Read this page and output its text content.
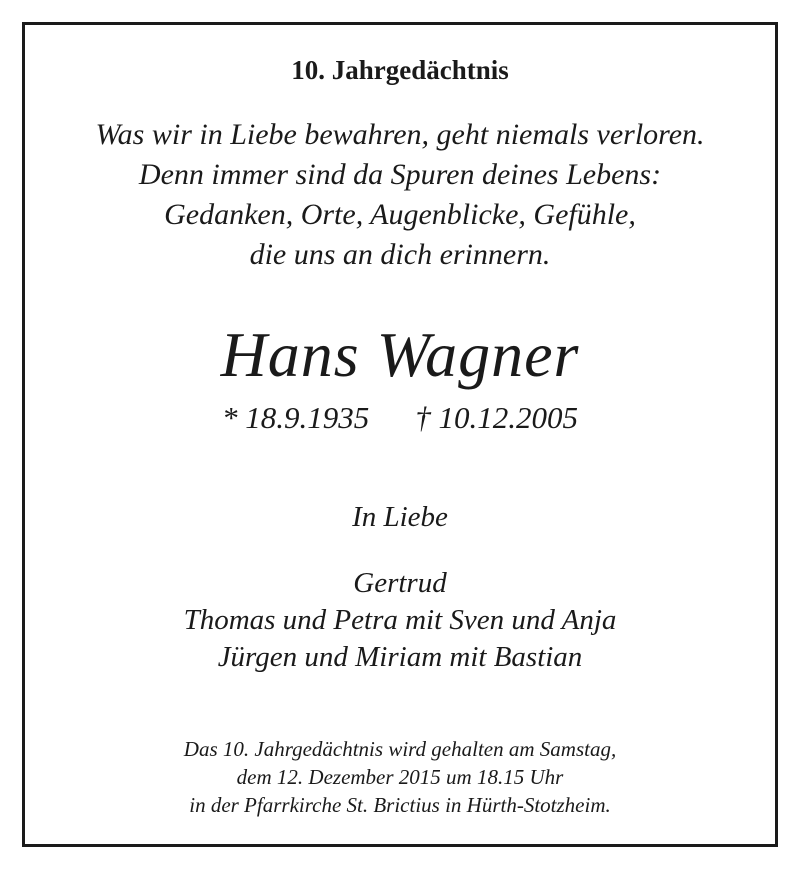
10. Jahrgedächtnis
Was wir in Liebe bewahren, geht niemals verloren.
Denn immer sind da Spuren deines Lebens:
Gedanken, Orte, Augenblicke, Gefühle,
die uns an dich erinnern.
Hans Wagner
* 18.9.1935 † 10.12.2005
In Liebe
Gertrud
Thomas und Petra mit Sven und Anja
Jürgen und Miriam mit Bastian
Das 10. Jahrgedächtnis wird gehalten am Samstag,
dem 12. Dezember 2015 um 18.15 Uhr
in der Pfarrkirche St. Brictius in Hürth-Stotzheim.
